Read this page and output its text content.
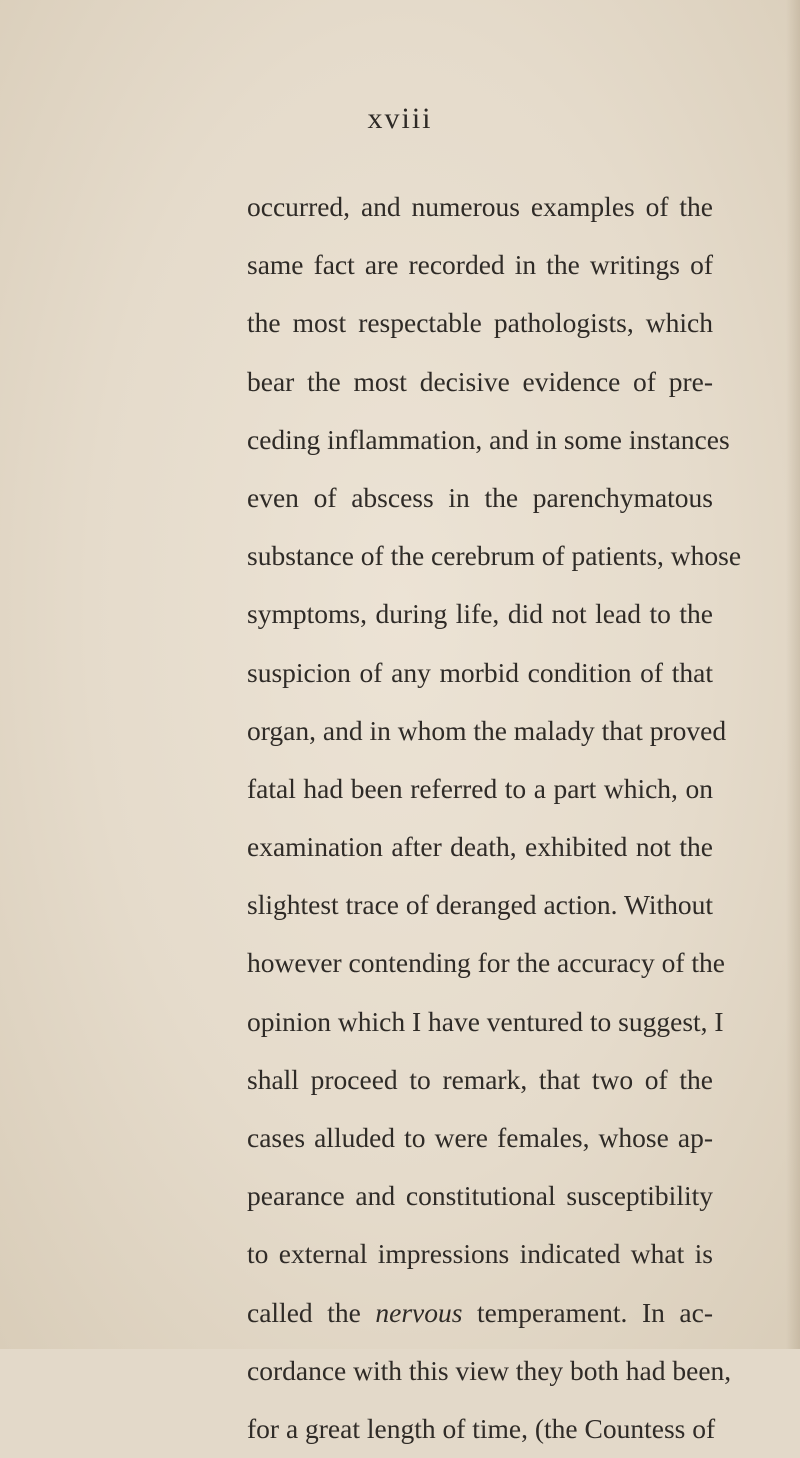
xviii
occurred, and numerous examples of the
same fact are recorded in the writings of
the most respectable pathologists, which
bear the most decisive evidence of pre-
ceding inflammation, and in some instances
even of abscess in the parenchymatous
substance of the cerebrum of patients, whose
symptoms, during life, did not lead to the
suspicion of any morbid condition of that
organ, and in whom the malady that proved
fatal had been referred to a part which, on
examination after death, exhibited not the
slightest trace of deranged action. Without
however contending for the accuracy of the
opinion which I have ventured to suggest, I
shall proceed to remark, that two of the
cases alluded to were females, whose ap-
pearance and constitutional susceptibility
to external impressions indicated what is
called the nervous temperament. In ac-
cordance with this view they both had been,
for a great length of time, (the Countess of
